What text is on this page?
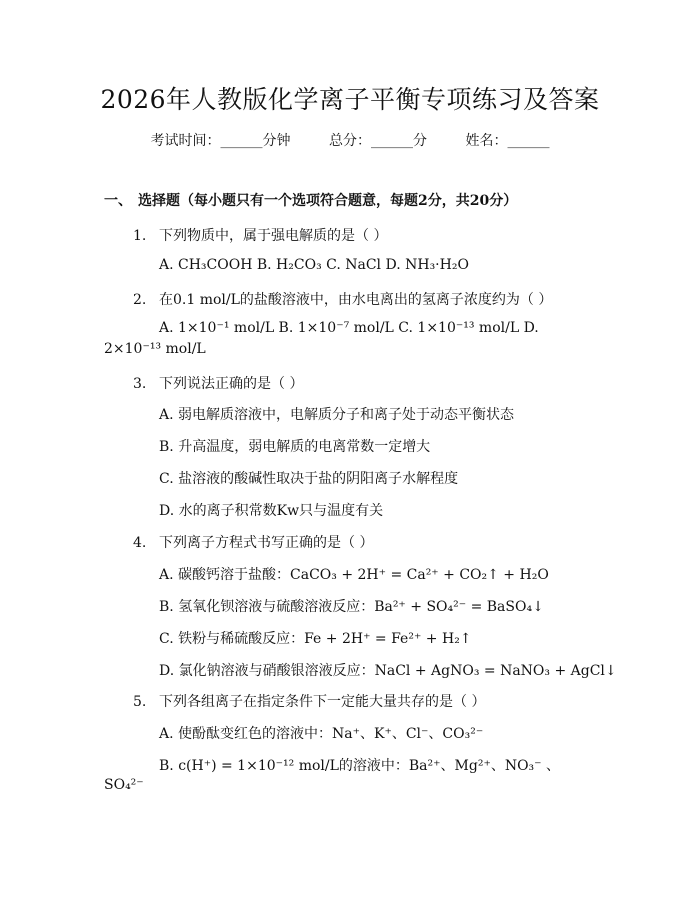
2026年人教版化学离子平衡专项练习及答案
考试时间：______分钟	总分：______分	姓名：______
一、 选择题（每小题只有一个选项符合题意，每题2分，共20分）
1. 下列物质中，属于强电解质的是（ ）
A. CH₃COOH B. H₂CO₃ C. NaCl D. NH₃·H₂O
2. 在0.1 mol/L的盐酸溶液中，由水电离出的氢离子浓度约为（ ）
A. 1×10⁻¹ mol/L B. 1×10⁻⁷ mol/L C. 1×10⁻¹³ mol/L D.
2×10⁻¹³ mol/L
3. 下列说法正确的是（ ）
A. 弱电解质溶液中，电解质分子和离子处于动态平衡状态
B. 升高温度，弱电解质的电离常数一定增大
C. 盐溶液的酸碱性取决于盐的阴阳离子水解程度
D. 水的离子积常数Kw只与温度有关
4. 下列离子方程式书写正确的是（ ）
A. 碳酸钙溶于盐酸：CaCO₃ + 2H⁺ = Ca²⁺ + CO₂↑ + H₂O
B. 氢氧化钡溶液与硫酸溶液反应：Ba²⁺ + SO₄²⁻ = BaSO₄↓
C. 铁粉与稀硫酸反应：Fe + 2H⁺ = Fe²⁺ + H₂↑
D. 氯化钠溶液与硝酸银溶液反应：NaCl + AgNO₃ = NaNO₃ + AgCl↓
5. 下列各组离子在指定条件下一定能大量共存的是（ ）
A. 使酚酞变红色的溶液中：Na⁺、K⁺、Cl⁻、CO₃²⁻
B. c(H⁺) = 1×10⁻¹² mol/L的溶液中：Ba²⁺、Mg²⁺、NO₃⁻ 、
SO₄²⁻
